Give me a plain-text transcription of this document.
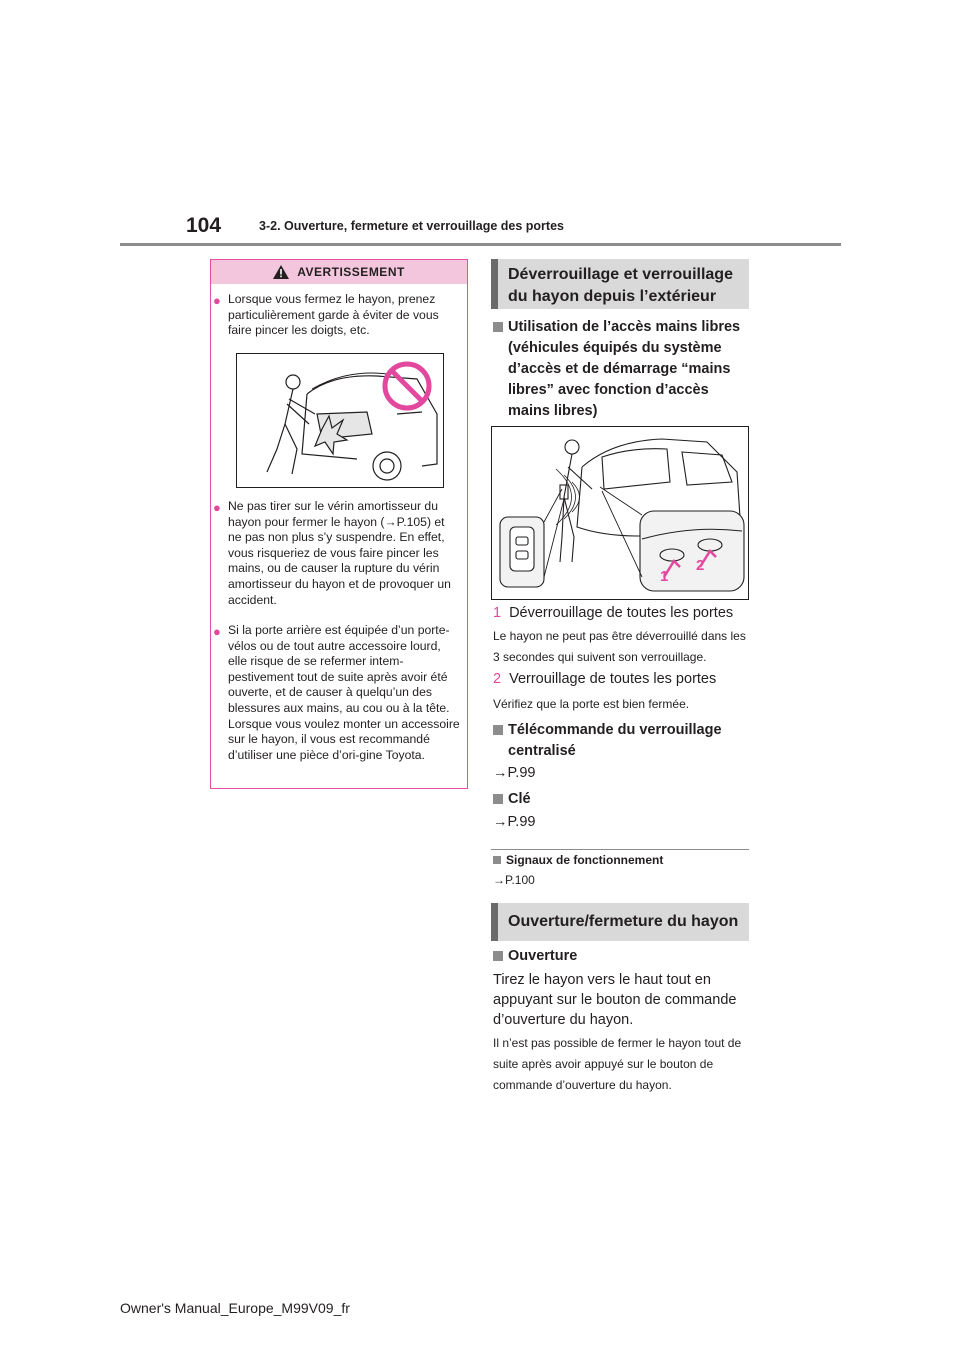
104	3-2. Ouverture, fermeture et verrouillage des portes
AVERTISSEMENT
● Lorsque vous fermez le hayon, prenez particulièrement garde à éviter de vous faire pincer les doigts, etc.
● Ne pas tirer sur le vérin amortisseur du hayon pour fermer le hayon (→P.105) et ne pas non plus s’y suspendre. En effet, vous risqueriez de vous faire pincer les mains, ou de causer la rupture du vérin amortisseur du hayon et de provoquer un accident.
● Si la porte arrière est équipée d’un porte-vélos ou de tout autre accessoire lourd, elle risque de se refermer intem-pestivement tout de suite après avoir été ouverte, et de causer à quelqu’un des blessures aux mains, au cou ou à la tête. Lorsque vous voulez monter un accessoire sur le hayon, il vous est recommandé d’utiliser une pièce d’ori-gine Toyota.
Déverrouillage et verrouillage du hayon depuis l’extérieur
Utilisation de l’accès mains libres (véhicules équipés du système d’accès et de démarrage “mains libres” avec fonction d’accès mains libres)
1
2
1 Déverrouillage de toutes les portes
Le hayon ne peut pas être déverrouillé dans les 3 secondes qui suivent son verrouillage.
2 Verrouillage de toutes les portes
Vérifiez que la porte est bien fermée.
Télécommande du verrouillage centralisé
→P.99
Clé
→P.99
Signaux de fonctionnement
→P.100
Ouverture/fermeture du hayon
Ouverture
Tirez le hayon vers le haut tout en appuyant sur le bouton de commande d’ouverture du hayon.
Il n’est pas possible de fermer le hayon tout de suite après avoir appuyé sur le bouton de commande d’ouverture du hayon.
Owner's Manual_Europe_M99V09_fr
